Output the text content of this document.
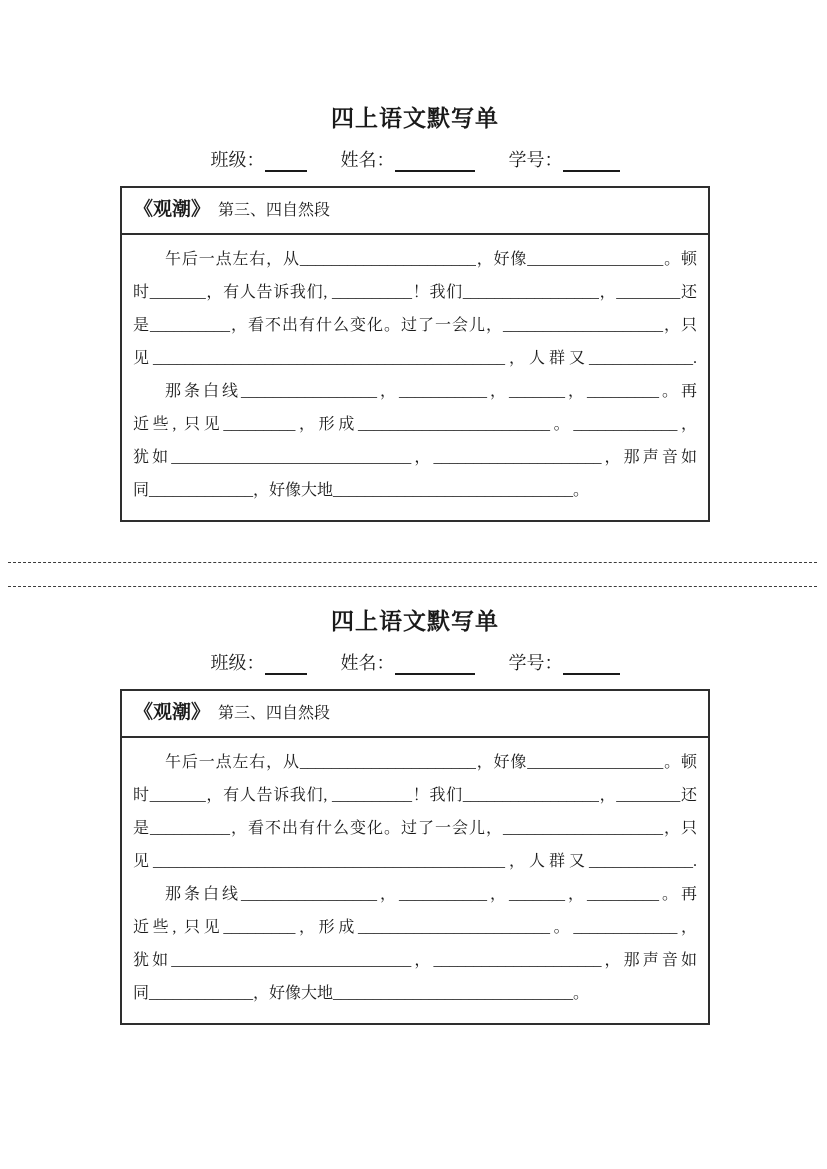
四上语文默写单
班级：	姓名：	学号：
《观潮》 第三、四自然段
午后一点左右，从______________________，好像_________________。顿
时_______，有人告诉我们, __________！我们_________________，________还
是__________，看不出有什么变化。过了一会儿，____________________，只
见____________________________________________，人群又_____________.
那条白线_________________，___________，_______，_________。再
近些, 只见_________，形成________________________。_____________，
犹如______________________________，_____________________，那声音如
同_____________，好像大地______________________________。
四上语文默写单
班级：	姓名：	学号：
《观潮》 第三、四自然段
午后一点左右，从______________________，好像_________________。顿
时_______，有人告诉我们, __________！我们_________________，________还
是__________，看不出有什么变化。过了一会儿，____________________，只
见____________________________________________，人群又_____________.
那条白线_________________，___________，_______，_________。再
近些, 只见_________，形成________________________。_____________，
犹如______________________________，_____________________，那声音如
同_____________，好像大地______________________________。
